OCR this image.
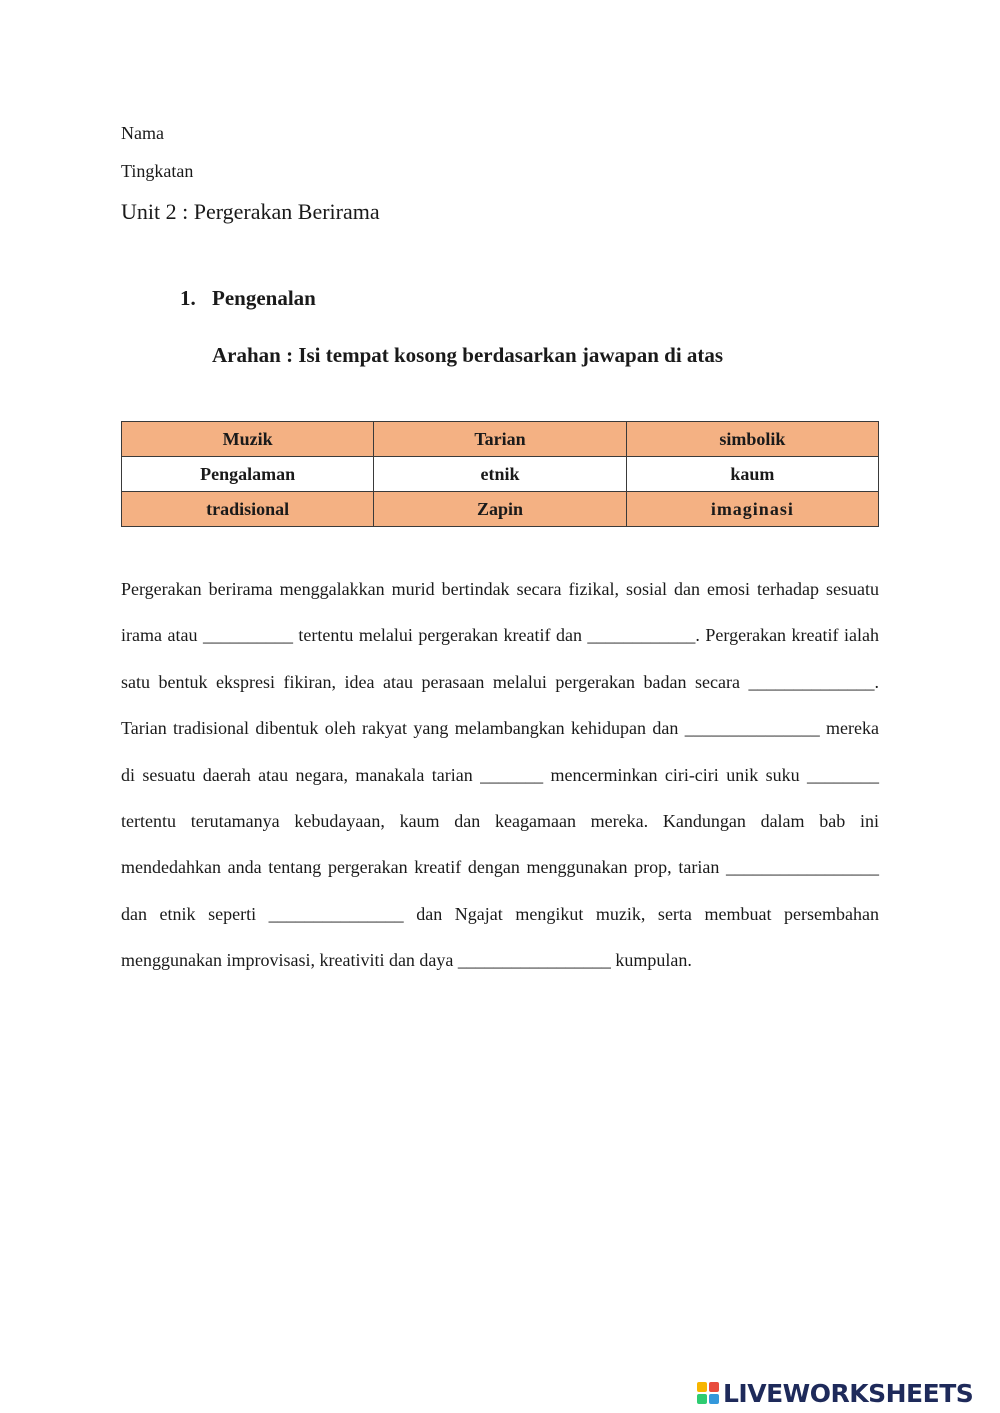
Nama
Tingkatan
Unit 2 : Pergerakan Berirama
1. Pengenalan
Arahan : Isi tempat kosong berdasarkan jawapan di atas
Muzik	Tarian	simbolik
Pengalaman	etnik	kaum
tradisional	Zapin	imaginasi

Pergerakan berirama menggalakkan murid bertindak secara fizikal, sosial dan emosi terhadap sesuatu irama atau __________ tertentu melalui pergerakan kreatif dan ____________. Pergerakan kreatif ialah satu bentuk ekspresi fikiran, idea atau perasaan melalui pergerakan badan secara ______________. Tarian tradisional dibentuk oleh rakyat yang melambangkan kehidupan dan _______________ mereka di sesuatu daerah atau negara, manakala tarian _______ mencerminkan ciri-ciri unik suku ________ tertentu terutamanya kebudayaan, kaum dan keagamaan mereka. Kandungan dalam bab ini mendedahkan anda tentang pergerakan kreatif dengan menggunakan prop, tarian _________________ dan etnik seperti _______________ dan Ngajat mengikut muzik, serta membuat persembahan menggunakan improvisasi, kreativiti dan daya _________________ kumpulan.

LIVEWORKSHEETS
